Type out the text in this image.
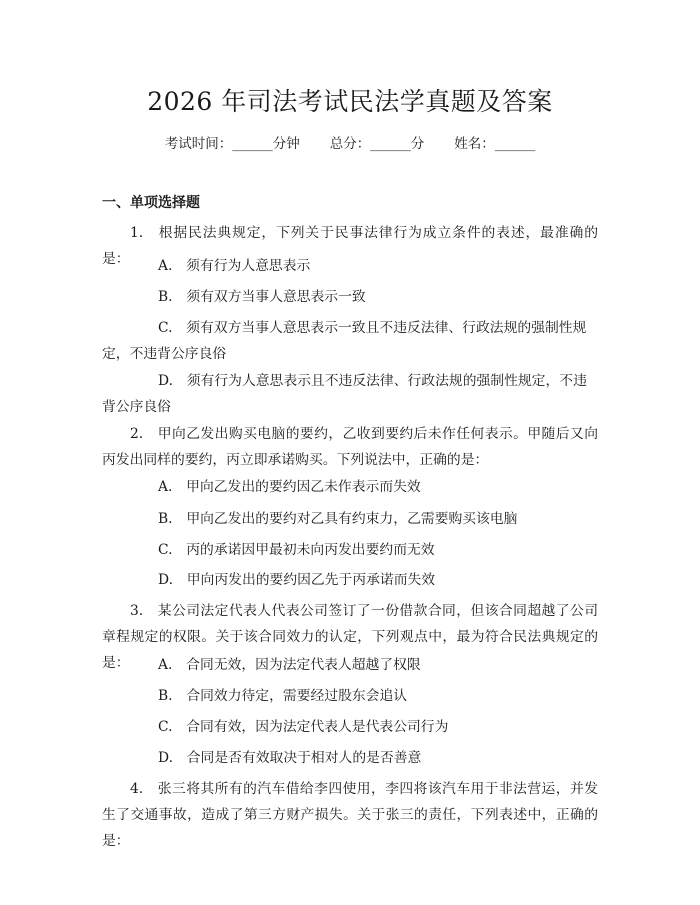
2026 年司法考试民法学真题及答案
考试时间：______分钟 总分：______分 姓名：______
一、单项选择题
1.　根据民法典规定，下列关于民事法律行为成立条件的表述，最准确的是：	A.　须有行为人意思表示
B.　须有双方当事人意思表示一致
C.　须有双方当事人意思表示一致且不违反法律、行政法规的强制性规定，不违背公序良俗
D.　须有行为人意思表示且不违反法律、行政法规的强制性规定，不违背公序良俗
2.　甲向乙发出购买电脑的要约，乙收到要约后未作任何表示。甲随后又向丙发出同样的要约，丙立即承诺购买。下列说法中，正确的是：
A.　甲向乙发出的要约因乙未作表示而失效
B.　甲向乙发出的要约对乙具有约束力，乙需要购买该电脑
C.　丙的承诺因甲最初未向丙发出要约而无效
D.　甲向丙发出的要约因乙先于丙承诺而失效
3.　某公司法定代表人代表公司签订了一份借款合同，但该合同超越了公司章程规定的权限。关于该合同效力的认定，下列观点中，最为符合民法典规定的是：	A.　合同无效，因为法定代表人超越了权限
B.　合同效力待定，需要经过股东会追认
C.　合同有效，因为法定代表人是代表公司行为
D.　合同是否有效取决于相对人的是否善意
4.　张三将其所有的汽车借给李四使用，李四将该汽车用于非法营运，并发生了交通事故，造成了第三方财产损失。关于张三的责任，下列表述中，正确的是：
